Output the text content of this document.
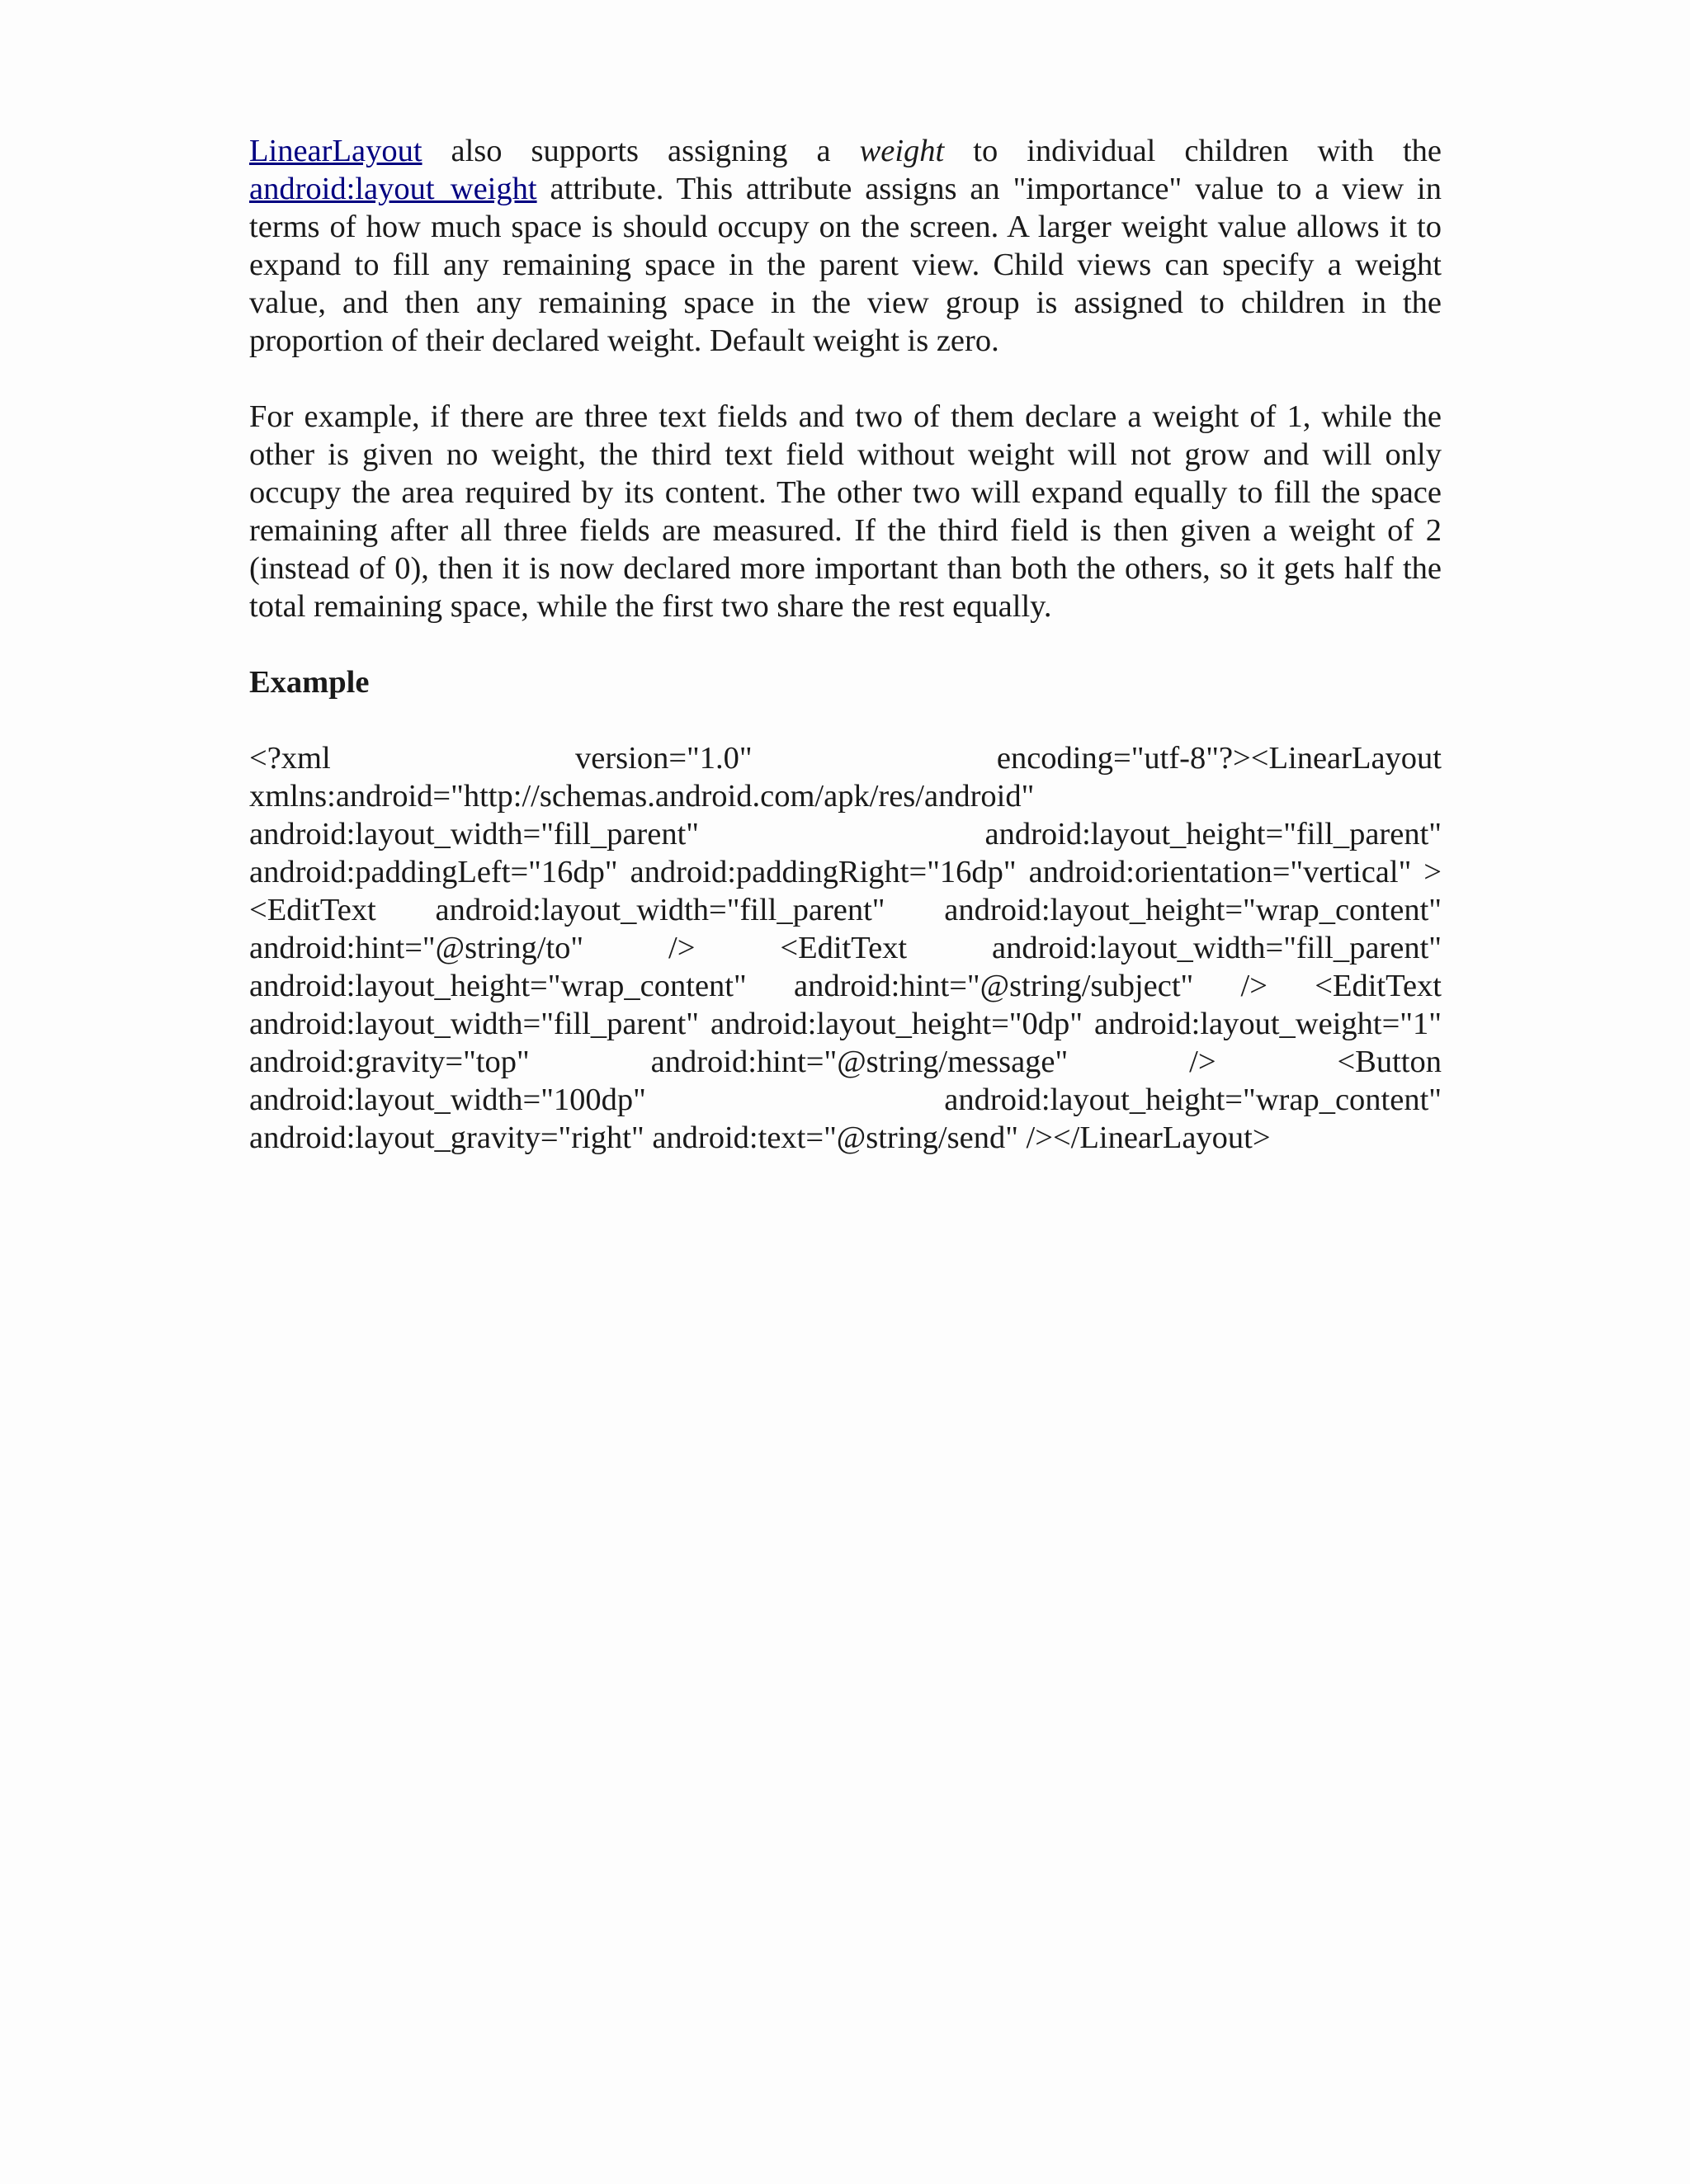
LinearLayout also supports assigning a weight to individual children with the android:layout_weight attribute. This attribute assigns an "importance" value to a view in terms of how much space is should occupy on the screen. A larger weight value allows it to expand to fill any remaining space in the parent view. Child views can specify a weight value, and then any remaining space in the view group is assigned to children in the proportion of their declared weight. Default weight is zero.

For example, if there are three text fields and two of them declare a weight of 1, while the other is given no weight, the third text field without weight will not grow and will only occupy the area required by its content. The other two will expand equally to fill the space remaining after all three fields are measured. If the third field is then given a weight of 2 (instead of 0), then it is now declared more important than both the others, so it gets half the total remaining space, while the first two share the rest equally.

Example

<?xml version="1.0" encoding="utf-8"?><LinearLayout xmlns:android="http://schemas.android.com/apk/res/android" android:layout_width="fill_parent" android:layout_height="fill_parent" android:paddingLeft="16dp" android:paddingRight="16dp" android:orientation="vertical" > <EditText android:layout_width="fill_parent" android:layout_height="wrap_content" android:hint="@string/to" /> <EditText android:layout_width="fill_parent" android:layout_height="wrap_content" android:hint="@string/subject" /> <EditText android:layout_width="fill_parent" android:layout_height="0dp" android:layout_weight="1" android:gravity="top" android:hint="@string/message" /> <Button android:layout_width="100dp" android:layout_height="wrap_content" android:layout_gravity="right" android:text="@string/send" /></LinearLayout>
